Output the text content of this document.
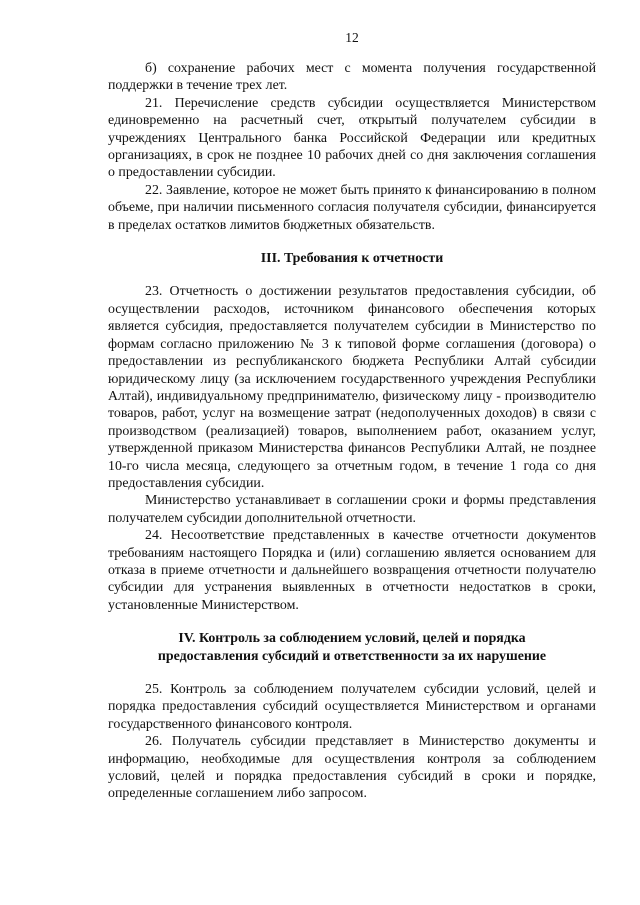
12

б) сохранение рабочих мест с момента получения государственной поддержки в течение трех лет.

21. Перечисление средств субсидии осуществляется Министерством единовременно на расчетный счет, открытый получателем субсидии в учреждениях Центрального банка Российской Федерации или кредитных организациях, в срок не позднее 10 рабочих дней со дня заключения соглашения о предоставлении субсидии.

22. Заявление, которое не может быть принято к финансированию в полном объеме, при наличии письменного согласия получателя субсидии, финансируется в пределах остатков лимитов бюджетных обязательств.

III. Требования к отчетности

23. Отчетность о достижении результатов предоставления субсидии, об осуществлении расходов, источником финансового обеспечения которых является субсидия, предоставляется получателем субсидии в Министерство по формам согласно приложению № 3 к типовой форме соглашения (договора) о предоставлении из республиканского бюджета Республики Алтай субсидии юридическому лицу (за исключением государственного учреждения Республики Алтай), индивидуальному предпринимателю, физическому лицу - производителю товаров, работ, услуг на возмещение затрат (недополученных доходов) в связи с производством (реализацией) товаров, выполнением работ, оказанием услуг, утвержденной приказом Министерства финансов Республики Алтай, не позднее 10-го числа месяца, следующего за отчетным годом, в течение 1 года со дня предоставления субсидии.

Министерство устанавливает в соглашении сроки и формы представления получателем субсидии дополнительной отчетности.

24. Несоответствие представленных в качестве отчетности документов требованиям настоящего Порядка и (или) соглашению является основанием для отказа в приеме отчетности и дальнейшего возвращения отчетности получателю субсидии для устранения выявленных в отчетности недостатков в сроки, установленные Министерством.

IV. Контроль за соблюдением условий, целей и порядка

предоставления субсидий и ответственности за их нарушение

25. Контроль за соблюдением получателем субсидии условий, целей и порядка предоставления субсидий осуществляется Министерством и органами государственного финансового контроля.

26. Получатель субсидии представляет в Министерство документы и информацию, необходимые для осуществления контроля за соблюдением условий, целей и порядка предоставления субсидий в сроки и порядке, определенные соглашением либо запросом.
